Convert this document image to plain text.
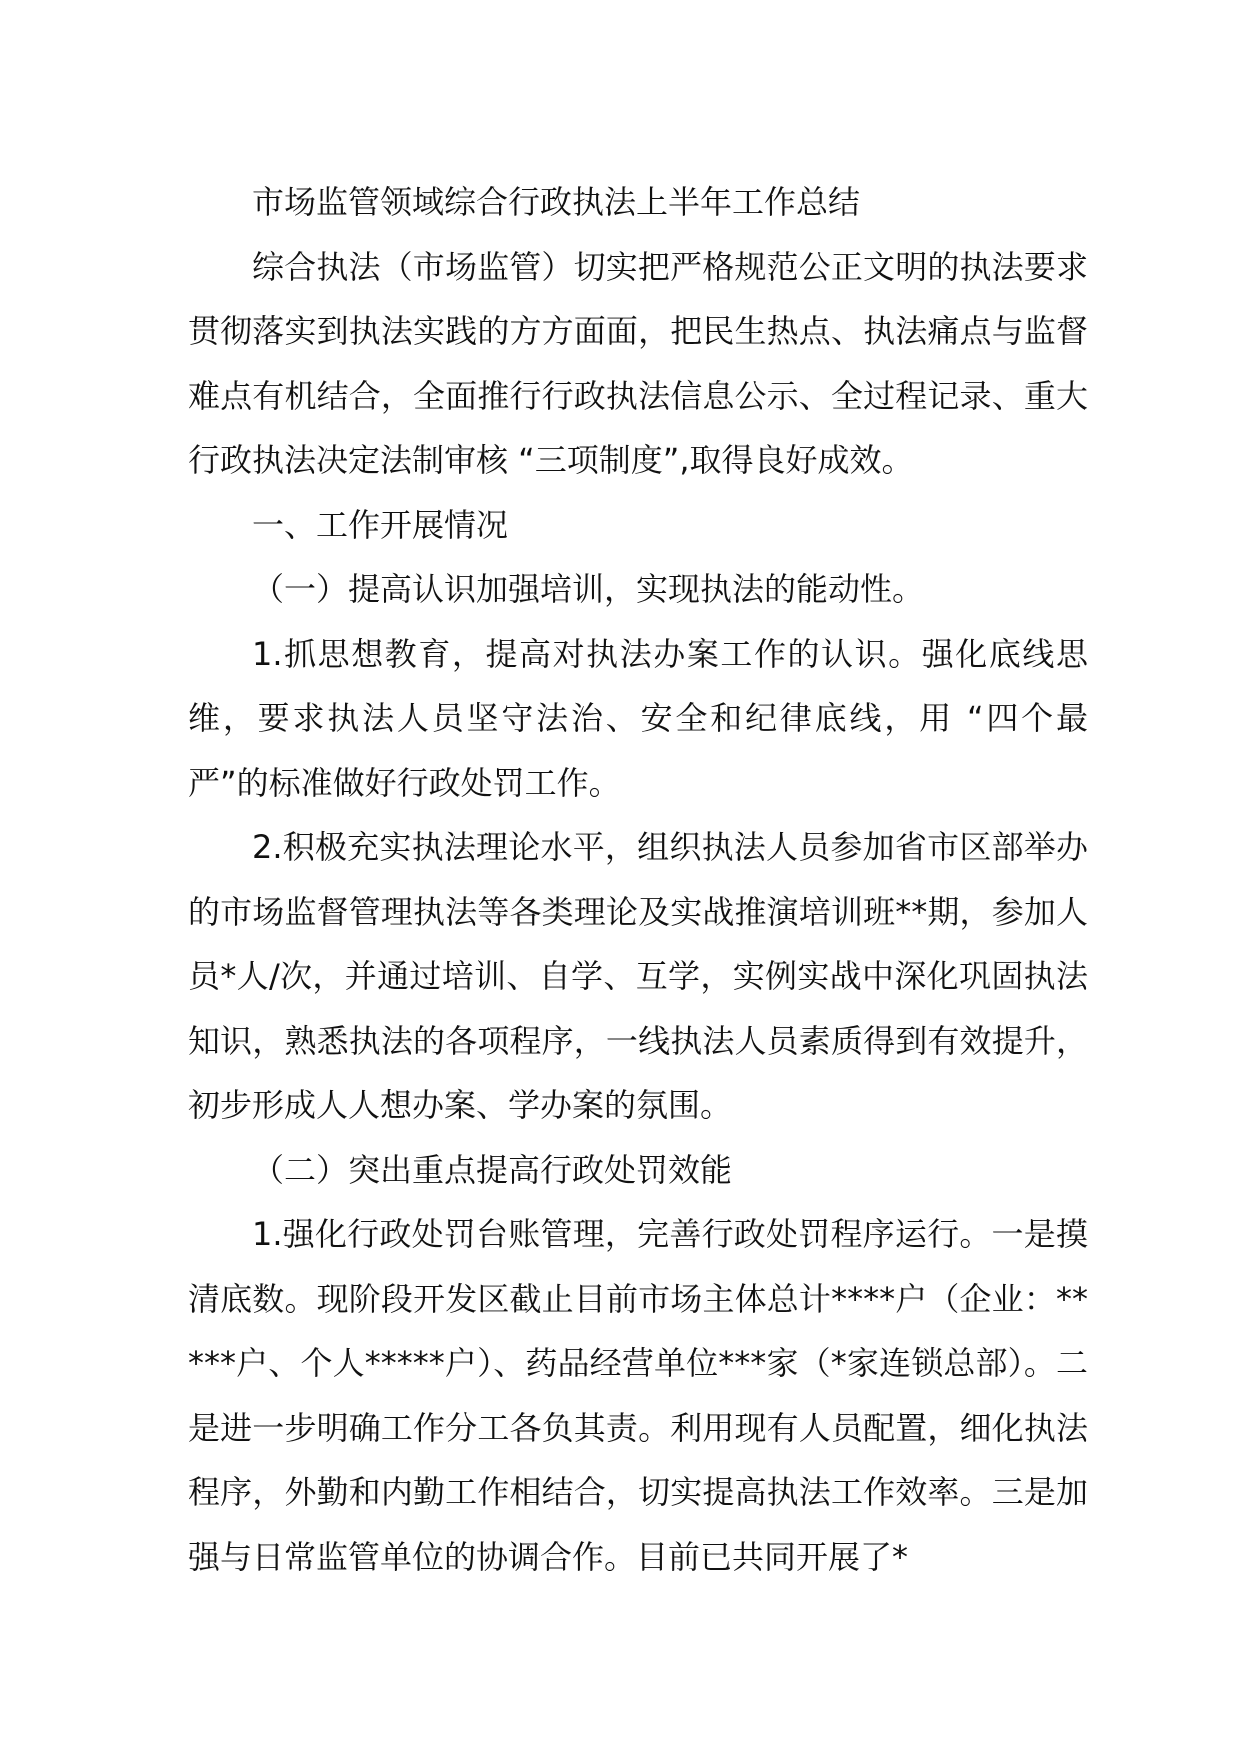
市场监管领域综合行政执法上半年工作总结

综合执法（市场监管）切实把严格规范公正文明的执法要求贯彻落实到执法实践的方方面面，把民生热点、执法痛点与监督难点有机结合，全面推行行政执法信息公示、全过程记录、重大行政执法决定法制审核 “三项制度”,取得良好成效。

一、工作开展情况

（一）提高认识加强培训，实现执法的能动性。

1.抓思想教育，提高对执法办案工作的认识。强化底线思维，要求执法人员坚守法治、安全和纪律底线，用 “四个最严”的标准做好行政处罚工作。

2.积极充实执法理论水平，组织执法人员参加省市区部举办的市场监督管理执法等各类理论及实战推演培训班**期，参加人员*人/次，并通过培训、自学、互学，实例实战中深化巩固执法知识，熟悉执法的各项程序，一线执法人员素质得到有效提升，初步形成人人想办案、学办案的氛围。

（二）突出重点提高行政处罚效能

1.强化行政处罚台账管理，完善行政处罚程序运行。一是摸清底数。现阶段开发区截止目前市场主体总计****户（企业：*****户、个人*****户）、药品经营单位***家（*家连锁总部）。二是进一步明确工作分工各负其责。利用现有人员配置，细化执法程序，外勤和内勤工作相结合，切实提高执法工作效率。三是加强与日常监管单位的协调合作。目前已共同开展了*
